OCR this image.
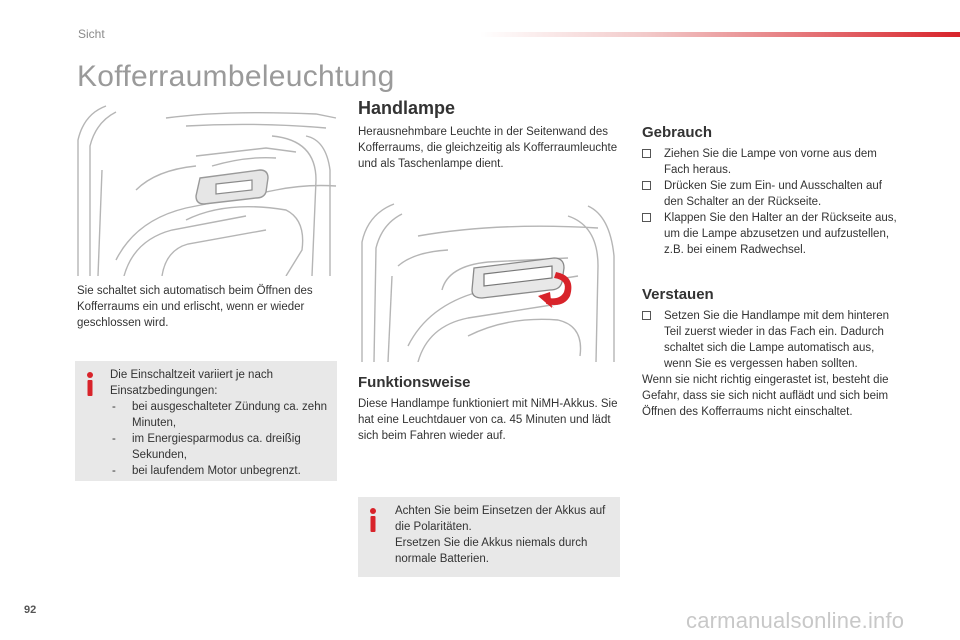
Sicht
Kofferraumbeleuchtung

Sie schaltet sich automatisch beim Öffnen des Kofferraums ein und erlischt, wenn er wieder geschlossen wird.

Die Einschaltzeit variiert je nach Einsatzbedingungen:

- bei ausgeschalteter Zündung ca. zehn Minuten,
- im Energiesparmodus ca. dreißig Sekunden,
- bei laufendem Motor unbegrenzt.
Handlampe

Herausnehmbare Leuchte in der Seitenwand des Kofferraums, die gleichzeitig als Kofferraumleuchte und als Taschenlampe dient.

Funktionsweise

Diese Handlampe funktioniert mit NiMH-Akkus. Sie hat eine Leuchtdauer von ca. 45 Minuten und lädt sich beim Fahren wieder auf.

Achten Sie beim Einsetzen der Akkus auf die Polaritäten.

Ersetzen Sie die Akkus niemals durch normale Batterien.

Gebrauch
Ziehen Sie die Lampe von vorne aus dem Fach heraus.
Drücken Sie zum Ein- und Ausschalten auf den Schalter an der Rückseite.
Klappen Sie den Halter an der Rückseite aus, um die Lampe abzusetzen und aufzustellen, z.B. bei einem Radwechsel.
Verstauen
Setzen Sie die Handlampe mit dem hinteren Teil zuerst wieder in das Fach ein. Dadurch schaltet sich die Lampe automatisch aus, wenn Sie es vergessen haben sollten.

Wenn sie nicht richtig eingerastet ist, besteht die Gefahr, dass sie sich nicht auflädt und sich beim Öffnen des Kofferraums nicht einschaltet.

92	carmanualsonline.info
